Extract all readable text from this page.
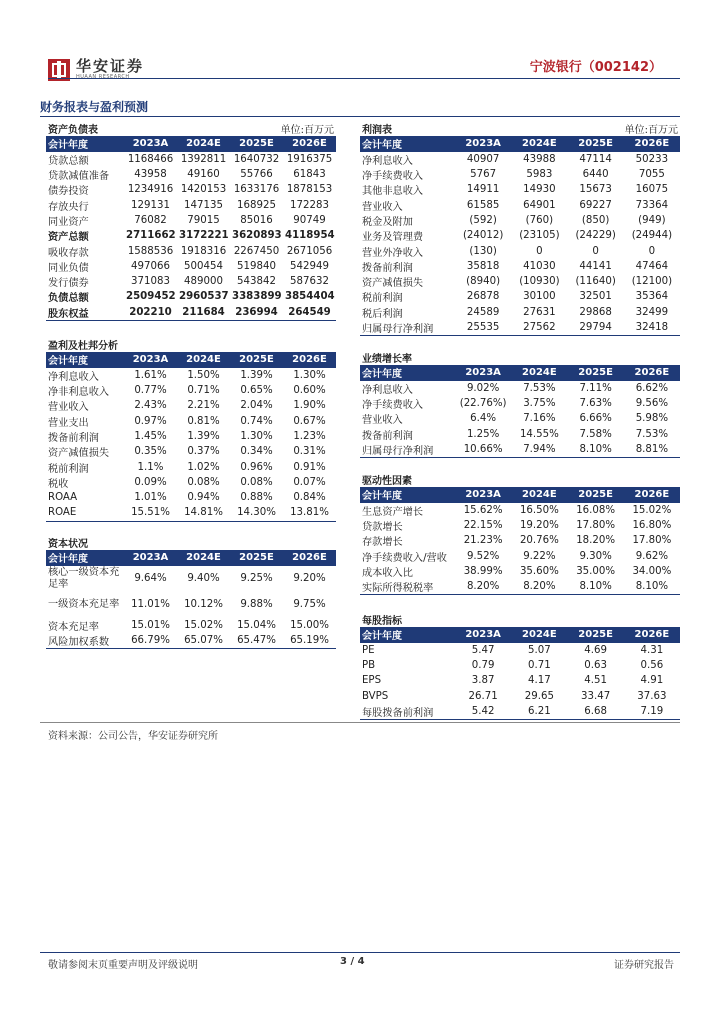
华安证券
HUAAN RESEARCH
宁波银行（002142）
财务报表与盈利预测
资产负债表			单位:百万元	
会计年度	2023A	2024E	2025E	2026E
贷款总额	1168466	1392811	1640732	1916375
贷款减值准备	43958	49160	55766	61843
债券投资	1234916	1420153	1633176	1878153
存放央行	129131	147135	168925	172283
同业资产	76082	79015	85016	90749
资产总额	2711662	3172221	3620893	4118954
吸收存款	1588536	1918316	2267450	2671056
同业负债	497066	500454	519840	542949
发行债券	371083	489000	543842	587632
负债总额	2509452	2960537	3383899	3854404
股东权益	202210	211684	236994	264549
盈利及杜邦分析				
会计年度	2023A	2024E	2025E	2026E
净利息收入	1.61%	1.50%	1.39%	1.30%
净非利息收入	0.77%	0.71%	0.65%	0.60%
营业收入	2.43%	2.21%	2.04%	1.90%
营业支出	0.97%	0.81%	0.74%	0.67%
拨备前利润	1.45%	1.39%	1.30%	1.23%
资产减值损失	0.35%	0.37%	0.34%	0.31%
税前利润	1.1%	1.02%	0.96%	0.91%
税收	0.09%	0.08%	0.08%	0.07%
ROAA	1.01%	0.94%	0.88%	0.84%
ROAE	15.51%	14.81%	14.30%	13.81%
资本状况				
会计年度	2023A	2024E	2025E	2026E
核心一级资本充足率	9.64%	9.40%	9.25%	9.20%
一级资本充足率	11.01%	10.12%	9.88%	9.75%
资本充足率	15.01%	15.02%	15.04%	15.00%
风险加权系数	66.79%	65.07%	65.47%	65.19%
利润表			单位:百万元	
会计年度	2023A	2024E	2025E	2026E
净利息收入	40907	43988	47114	50233
净手续费收入	5767	5983	6440	7055
其他非息收入	14911	14930	15673	16075
营业收入	61585	64901	69227	73364
税金及附加	(592)	(760)	(850)	(949)
业务及管理费	(24012)	(23105)	(24229)	(24944)
营业外净收入	(130)	0	0	0
拨备前利润	35818	41030	44141	47464
资产减值损失	(8940)	(10930)	(11640)	(12100)
税前利润	26878	30100	32501	35364
税后利润	24589	27631	29868	32499
归属母行净利润	25535	27562	29794	32418
业绩增长率				
会计年度	2023A	2024E	2025E	2026E
净利息收入	9.02%	7.53%	7.11%	6.62%
净手续费收入	(22.76%)	3.75%	7.63%	9.56%
营业收入	6.4%	7.16%	6.66%	5.98%
拨备前利润	1.25%	14.55%	7.58%	7.53%
归属母行净利润	10.66%	7.94%	8.10%	8.81%
驱动性因素				
会计年度	2023A	2024E	2025E	2026E
生息资产增长	15.62%	16.50%	16.08%	15.02%
贷款增长	22.15%	19.20%	17.80%	16.80%
存款增长	21.23%	20.76%	18.20%	17.80%
净手续费收入/营收	9.52%	9.22%	9.30%	9.62%
成本收入比	38.99%	35.60%	35.00%	34.00%
实际所得税税率	8.20%	8.20%	8.10%	8.10%
每股指标				
会计年度	2023A	2024E	2025E	2026E
PE	5.47	5.07	4.69	4.31
PB	0.79	0.71	0.63	0.56
EPS	3.87	4.17	4.51	4.91
BVPS	26.71	29.65	33.47	37.63
每股拨备前利润	5.42	6.21	6.68	7.19
资料来源：公司公告，华安证券研究所
敬请参阅末页重要声明及评级说明	3 / 4	证券研究报告
